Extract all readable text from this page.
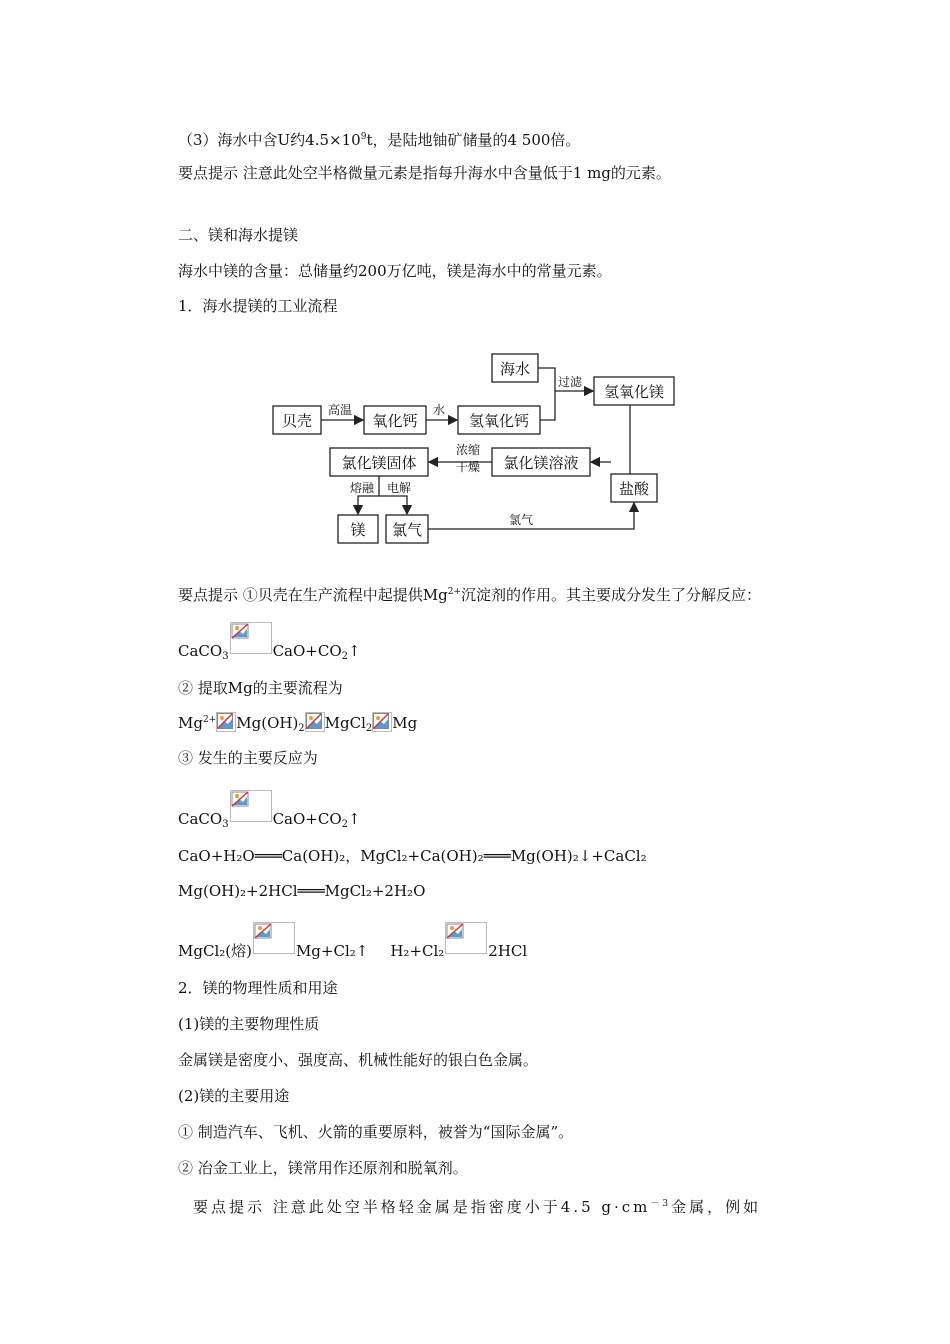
（3）海水中含U约$4.5\times 10^9t$，是陆地铀矿储量的4 500倍。
要点提示 注意此处空半格微量元素是指每升海水中含量低于1 mg的元素。
二、镁和海水提镁
海水中镁的含量：总储量约200万亿吨，镁是海水中的常量元素。
1．海水提镁的工业流程
海水
贝壳	氧化钙	氢氧化钙
氢氧化镁
氯化镁固体	氯化镁溶液
盐酸
镁 氯气
高温	水
过滤
浓缩
干燥
熔融 电解
氯气
要点提示 ①贝壳在生产流程中起提供$Mg^{2+}$沉淀剂的作用。其主要成分发生了分解反应：
CaCO$_3$	$CaO+CO_2↑$
② 提取Mg的主要流程为
$Mg^{2+}$ $Mg(OH)_2$ MgCl$_2$ Mg
③ 发生的主要反应为
CaCO$_3$	$CaO+CO_2↑$
CaO+H₂O═══Ca(OH)₂，MgCl₂+Ca(OH)₂═══Mg(OH)₂↓+CaCl₂
Mg(OH)₂+2HCl═══MgCl₂+2H₂O
MgCl₂(熔)	Mg+Cl₂↑ H₂+Cl₂	2HCl
2．镁的物理性质和用途
(1)镁的主要物理性质
金属镁是密度小、强度高、机械性能好的银白色金属。
(2)镁的主要用途
① 制造汽车、飞机、火箭的重要原料，被誉为“国际金属”。
② 冶金工业上，镁常用作还原剂和脱氧剂。
要点提示 注意此处空半格轻金属是指密度小于4.5 $g\cdot cm^{-3}$金属，例如
